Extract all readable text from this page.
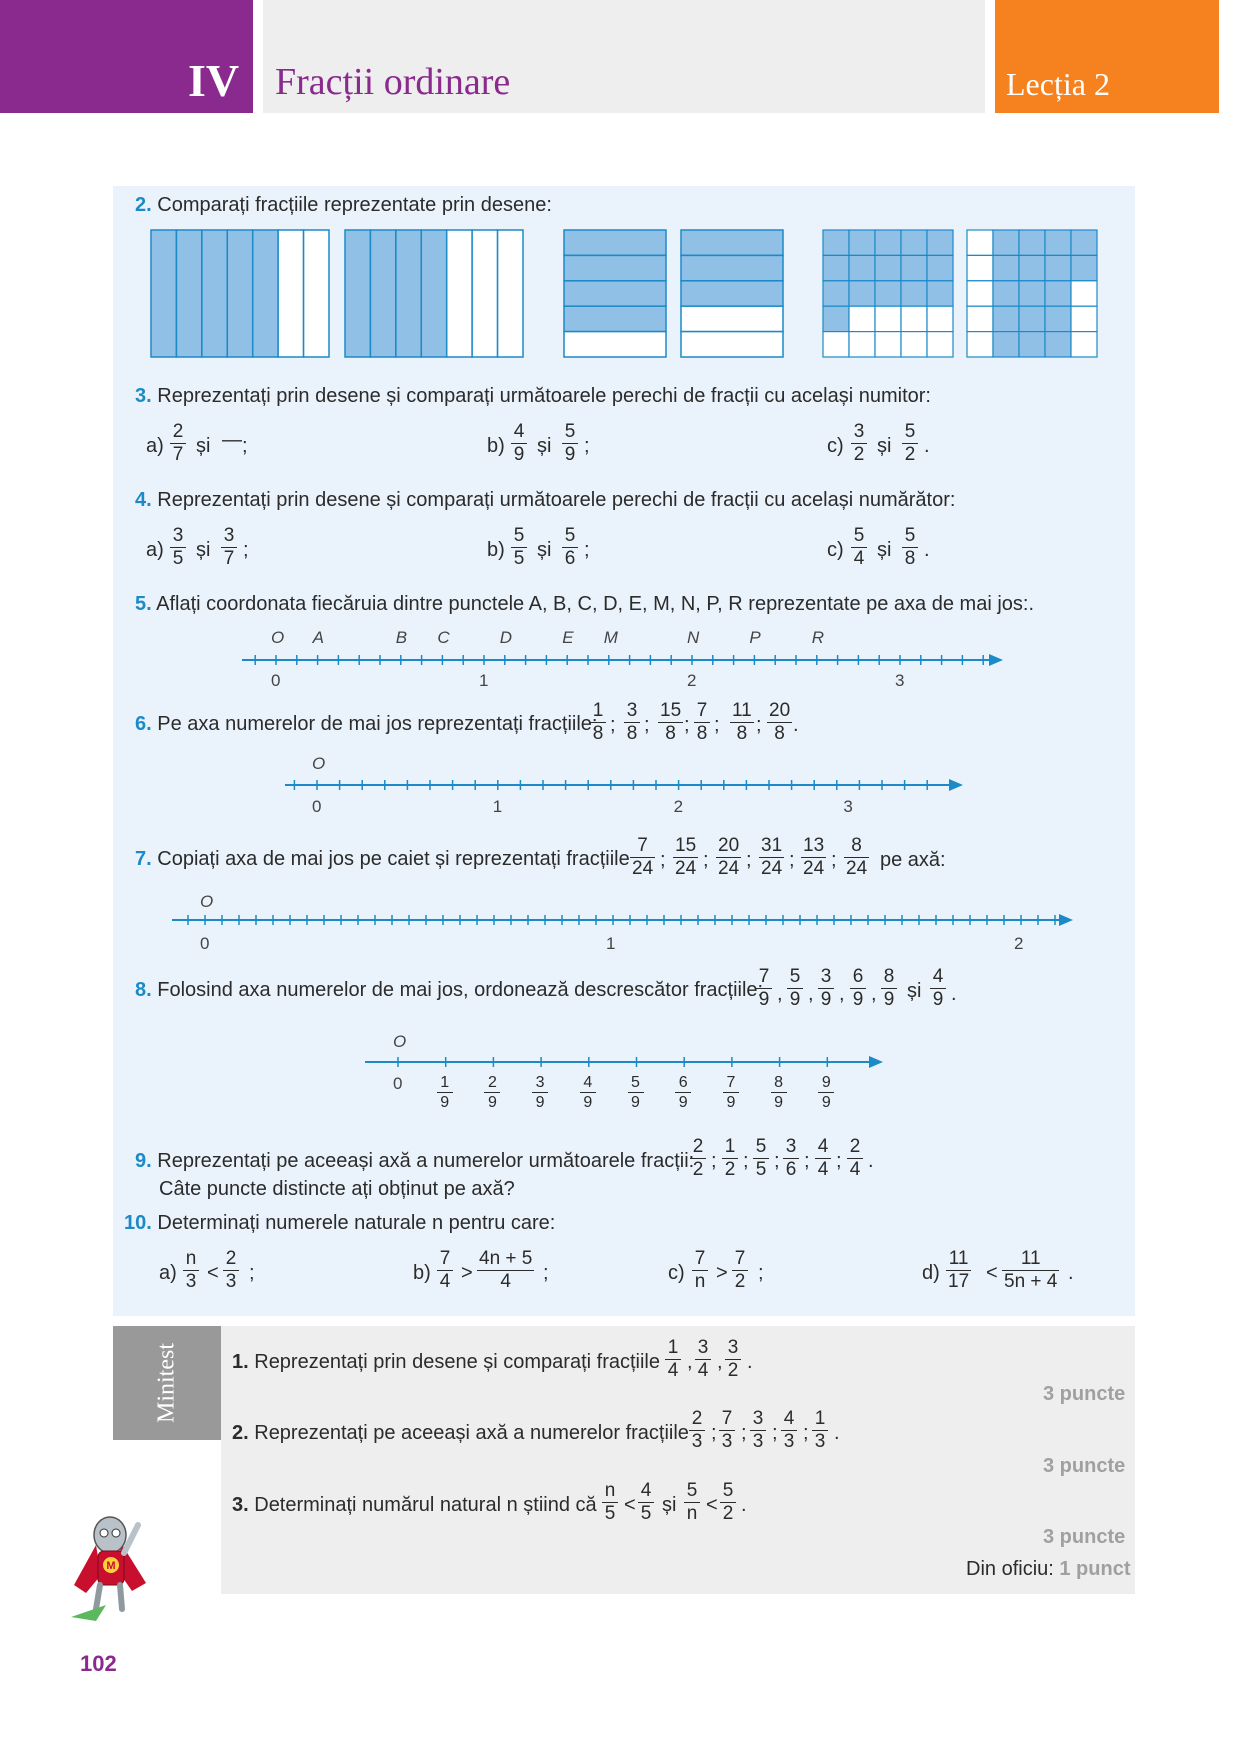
IV Fracții ordinare	Lecția 2
2. Comparați fracțiile reprezentate prin desene:
3. Reprezentați prin desene și comparați următoarele perechi de fracții cu același numitor:
$a) \frac{2}{7}$ și — ;	$b) \frac{4}{9}$ și $\frac{5}{9}$ ;	$c) \frac{3}{2}$ și $\frac{5}{2}$ .
4. Reprezentați prin desene și comparați următoarele perechi de fracții cu același numărător:
$a) \frac{3}{5}$ și $\frac{3}{7}$ ;	$b) \frac{5}{5}$ și $\frac{5}{6}$ ;	$c) \frac{5}{4}$ și $\frac{5}{8}$ .
5. Aflați coordonata fiecăruia dintre punctele A, B, C, D, E, M, N, P, R reprezentate pe axa de mai jos:.
O A	B C	D	E M	N	P	R
0	1	2	3
6. Pe axa numerelor de mai jos reprezentați fracțiile:
$\frac{1}{8}$ ; $\frac{3}{8}$ ; $\frac{15}{8}$ ; $\frac{7}{8}$ ; $\frac{11}{8}$ ; $\frac{20}{8}$ .
O
0	1	2	3
7. Copiați axa de mai jos pe caiet și reprezentați fracțiile $\frac{7}{24}$ ; $\frac{15}{24}$ ; $\frac{20}{24}$ ; $\frac{31}{24}$ ; $\frac{13}{24}$ ; $\frac{8}{24}$ pe axă:
O
0	1	2
8. Folosind axa numerelor de mai jos, ordonează descrescător fracțiile:
$\frac{7}{9}$ , $\frac{5}{9}$ , $\frac{3}{9}$ , $\frac{6}{9}$ , $\frac{8}{9} \frac{4}{9}$ .
și
O
$0 \frac{1}{9} \frac{2}{9} \frac{3}{9} \frac{4}{9} \frac{5}{9} \frac{6}{9} \frac{7}{9} \frac{8}{9} \frac{9}{9}$
9. Reprezentați pe aceeași axă a numerelor următoarele fracții:
Câte puncte distincte ați obținut pe axă?
$\frac{2}{2}$ ; $\frac{1}{2}$ ; $\frac{5}{5}$ ; $\frac{3}{6}$ ; $\frac{4}{4}$ ; $\frac{2}{4}$ .
10. Determinați numerele naturale n pentru care:
$a) \frac{n}{3} < \frac{2}{3}$ ;	$b) \frac{7}{4} > \frac{4n + 5}{4}$ ;	$c) \frac{7}{n} > \frac{7}{2}$ ;	$d) \frac{11}{17} < \frac{11}{5n + 4}$ .
Minitest	1. Reprezentați prin desene și comparați fracțiile $\frac{1}{4}$ , $\frac{3}{4}$ , $\frac{3}{2}$ .
3 puncte
2. Reprezentați pe aceeași axă a numerelor fracțiile $\frac{2}{3}$ ; $\frac{7}{3}$ ; $\frac{3}{3}$ ; $\frac{4}{3}$ ; $\frac{1}{3}$ .
3 puncte
3. Determinați numărul natural n știind că $\frac{n}{5} < \frac{4}{5}$ și $\frac{5}{n} < \frac{5}{2}$ .
3 puncte
Din oficiu: 1 punct
M
102
